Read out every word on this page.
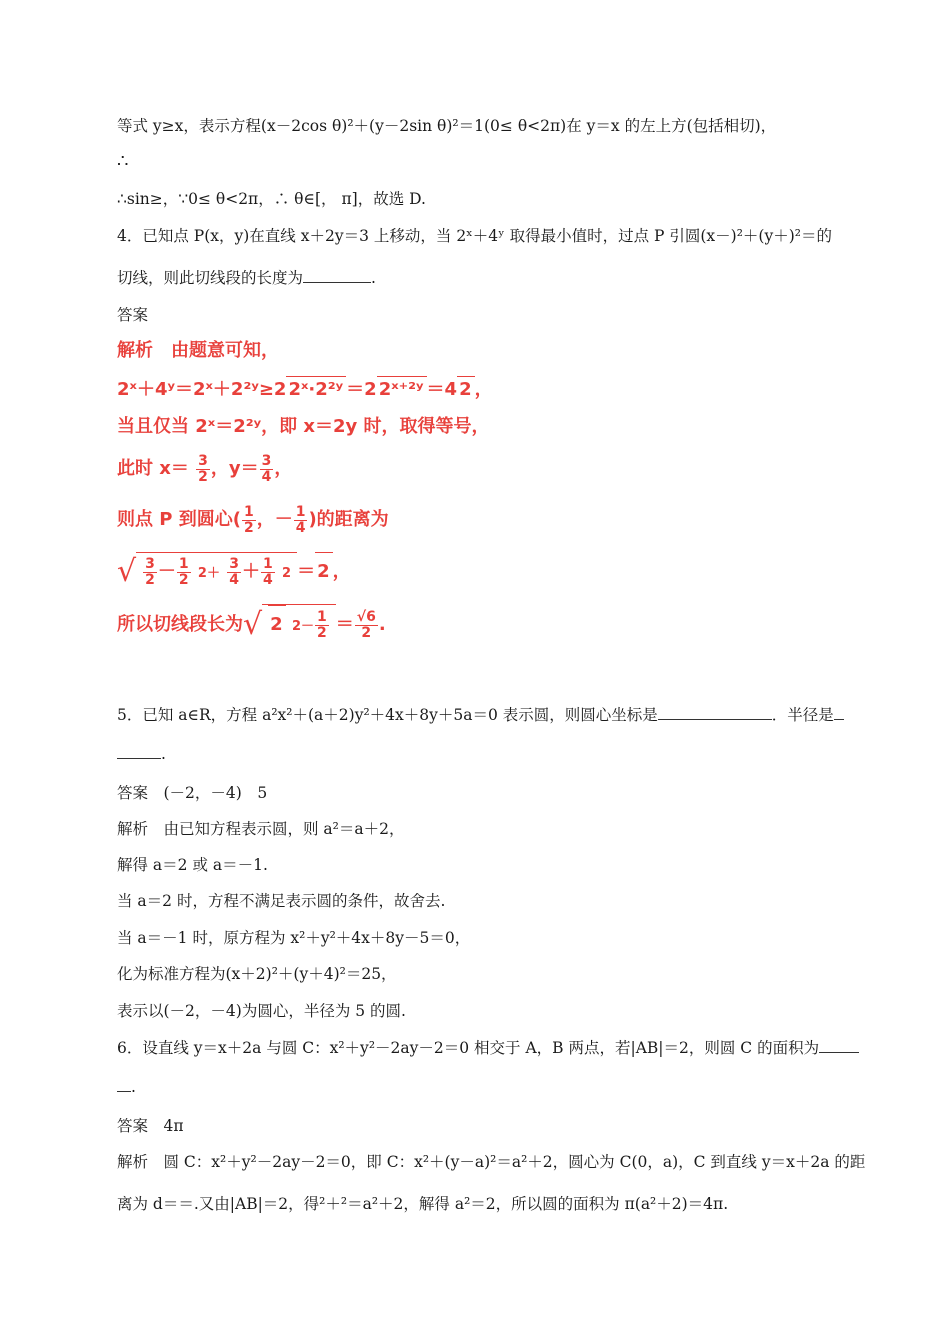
等式 y≥x，表示方程(x－2cos θ)²＋(y－2sin θ)²＝1(0≤ θ<2π)在 y＝x 的左上方(包括相切)，
∴
∴sin≥，∵0≤ θ<2π，∴ θ∈[， π]，故选 D.
4．已知点 P(x，y)在直线 x＋2y＝3 上移动，当 2ˣ＋4ʸ 取得最小值时，过点 P 引圆(x－)²＋(y＋)²＝的
切线，则此切线段的长度为	.
答案
解析　由题意可知，
2ˣ＋4ʸ＝2ˣ＋2²ʸ≥2 2ˣ·2²ʸ ＝2 2ˣ⁺²ʸ ＝4 2 ，
当且仅当 2ˣ＝2²ʸ，即 x＝2y 时，取得等号，
此时 $x= \frac{3}{2}$ ，$y= \frac{3}{4}$ ，
则点 P 到圆心( $\frac{1}{2}$ ，－ $\frac{1}{4}$ )的距离为
√ $\frac{3}{2} - \frac{1}{2} 2+ \frac{3}{4} + \frac{1}{4} 2 = 2$ ，
所以切线段长为√ 2 $2- \frac{1}{2} = \frac{√6}{2}$ .
5．已知 a∈R，方程 a²x²＋(a＋2)y²＋4x＋8y＋5a＝0 表示圆，则圆心坐标是	．半径是
.
答案　(－2，－4)　5
解析　由已知方程表示圆，则 a²＝a＋2，
解得 a＝2 或 a＝－1.
当 a＝2 时，方程不满足表示圆的条件，故舍去.
当 a＝－1 时，原方程为 x²＋y²＋4x＋8y－5＝0，
化为标准方程为(x＋2)²＋(y＋4)²＝25，
表示以(－2，－4)为圆心，半径为 5 的圆.
6．设直线 y＝x＋2a 与圆 C：x²＋y²－2ay－2＝0 相交于 A，B 两点，若|AB|＝2，则圆 C 的面积为
.
答案　4π
解析　圆 C：x²＋y²－2ay－2＝0，即 C：x²＋(y－a)²＝a²＋2，圆心为 C(0，a)，C 到直线 y＝x＋2a 的距
离为 d＝＝.又由|AB|＝2，得²＋²＝a²＋2，解得 a²＝2，所以圆的面积为 π(a²＋2)＝4π.
